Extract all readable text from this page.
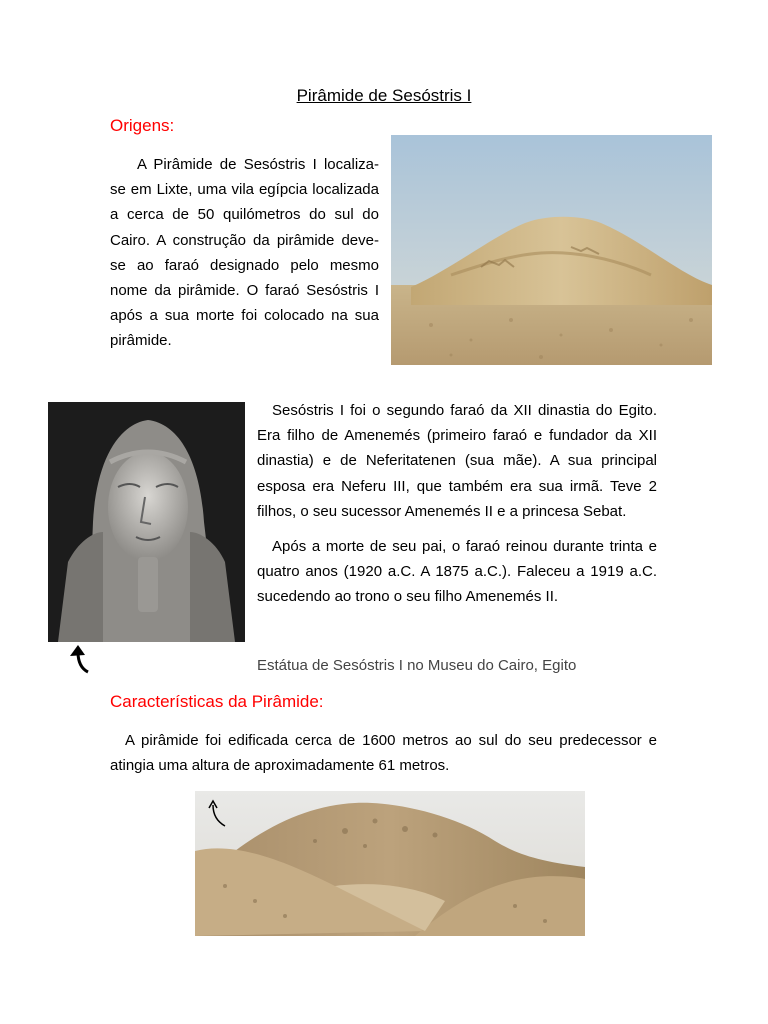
Pirâmide de Sesóstris I
Origens:

A Pirâmide de Sesóstris I localiza-se em Lixte, uma vila egípcia localizada a cerca de 50 quilómetros do sul do Cairo. A construção da pirâmide deve-se ao faraó designado pelo mesmo nome da pirâmide. O faraó Sesóstris I após a sua morte foi colocado na sua pirâmide.

Sesóstris I foi o segundo faraó da XII dinastia do Egito. Era filho de Amenemés (primeiro faraó e fundador da XII dinastia) e de Neferitatenen (sua mãe). A sua principal esposa era Neferu III, que também era sua irmã. Teve 2 filhos, o seu sucessor Amenemés II e a princesa Sebat.

Após a morte de seu pai, o faraó reinou durante trinta e quatro anos (1920 a.C. A 1875 a.C.). Faleceu a 1919 a.C. sucedendo ao trono o seu filho Amenemés II.

Estátua de Sesóstris I no Museu do Cairo, Egito
Características da Pirâmide:

A pirâmide foi edificada cerca de 1600 metros ao sul do seu predecessor e atingia uma altura de aproximadamente 61 metros.
